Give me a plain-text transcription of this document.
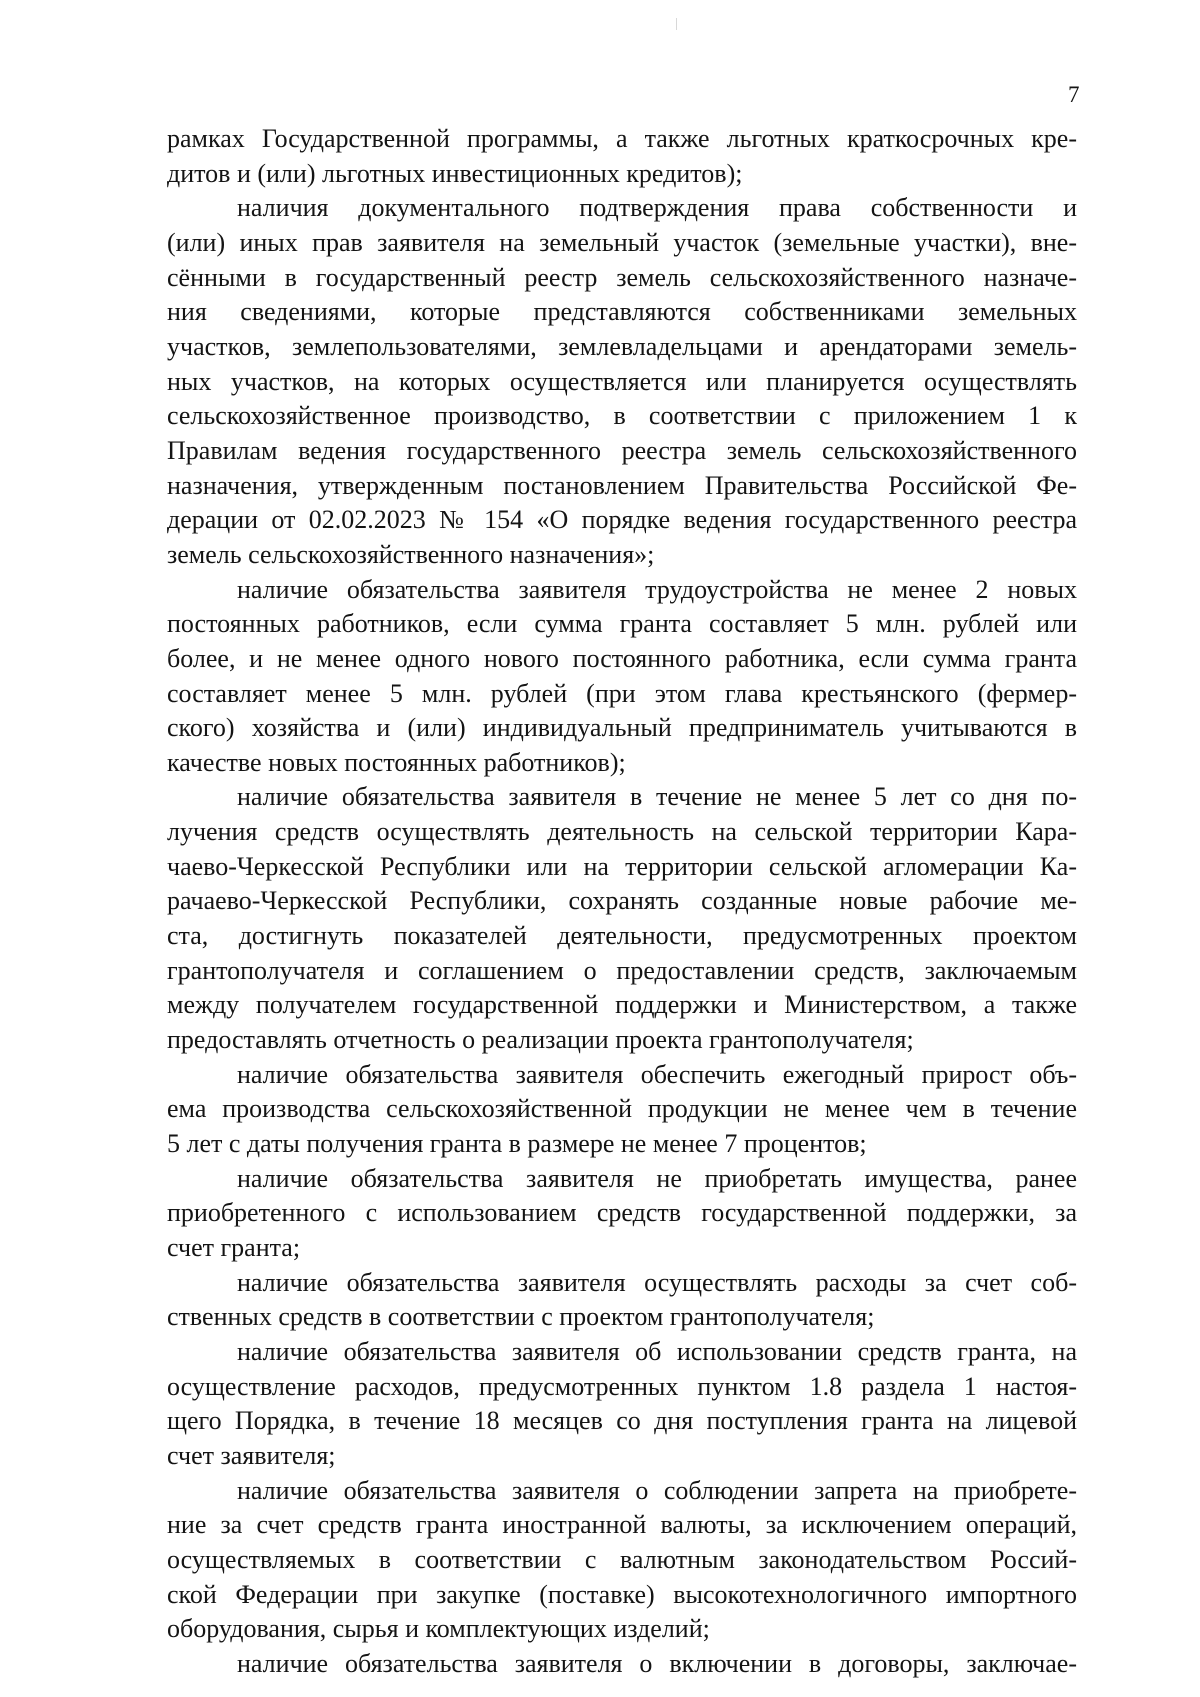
7
рамках Государственной программы, а также льготных краткосрочных кре-
дитов и (или) льготных инвестиционных кредитов);
наличия документального подтверждения права собственности и
(или) иных прав заявителя на земельный участок (земельные участки), вне-
сёнными в государственный реестр земель сельскохозяйственного назначе-
ния сведениями, которые представляются собственниками земельных
участков, землепользователями, землевладельцами и арендаторами земель-
ных участков, на которых осуществляется или планируется осуществлять
сельскохозяйственное производство, в соответствии с приложением 1 к
Правилам ведения государственного реестра земель сельскохозяйственного
назначения, утвержденным постановлением Правительства Российской Фе-
дерации от 02.02.2023 № 154 «О порядке ведения государственного реестра
земель сельскохозяйственного назначения»;
наличие обязательства заявителя трудоустройства не менее 2 новых
постоянных работников, если сумма гранта составляет 5 млн. рублей или
более, и не менее одного нового постоянного работника, если сумма гранта
составляет менее 5 млн. рублей (при этом глава крестьянского (фермер-
ского) хозяйства и (или) индивидуальный предприниматель учитываются в
качестве новых постоянных работников);
наличие обязательства заявителя в течение не менее 5 лет со дня по-
лучения средств осуществлять деятельность на сельской территории Кара-
чаево-Черкесской Республики или на территории сельской агломерации Ка-
рачаево-Черкесской Республики, сохранять созданные новые рабочие ме-
ста, достигнуть показателей деятельности, предусмотренных проектом
грантополучателя и соглашением о предоставлении средств, заключаемым
между получателем государственной поддержки и Министерством, а также
предоставлять отчетность о реализации проекта грантополучателя;
наличие обязательства заявителя обеспечить ежегодный прирост объ-
ема производства сельскохозяйственной продукции не менее чем в течение
5 лет с даты получения гранта в размере не менее 7 процентов;
наличие обязательства заявителя не приобретать имущества, ранее
приобретенного с использованием средств государственной поддержки, за
счет гранта;
наличие обязательства заявителя осуществлять расходы за счет соб-
ственных средств в соответствии с проектом грантополучателя;
наличие обязательства заявителя об использовании средств гранта, на
осуществление расходов, предусмотренных пунктом 1.8 раздела 1 настоя-
щего Порядка, в течение 18 месяцев со дня поступления гранта на лицевой
счет заявителя;
наличие обязательства заявителя о соблюдении запрета на приобрете-
ние за счет средств гранта иностранной валюты, за исключением операций,
осуществляемых в соответствии с валютным законодательством Россий-
ской Федерации при закупке (поставке) высокотехнологичного импортного
оборудования, сырья и комплектующих изделий;
наличие обязательства заявителя о включении в договоры, заключае-
